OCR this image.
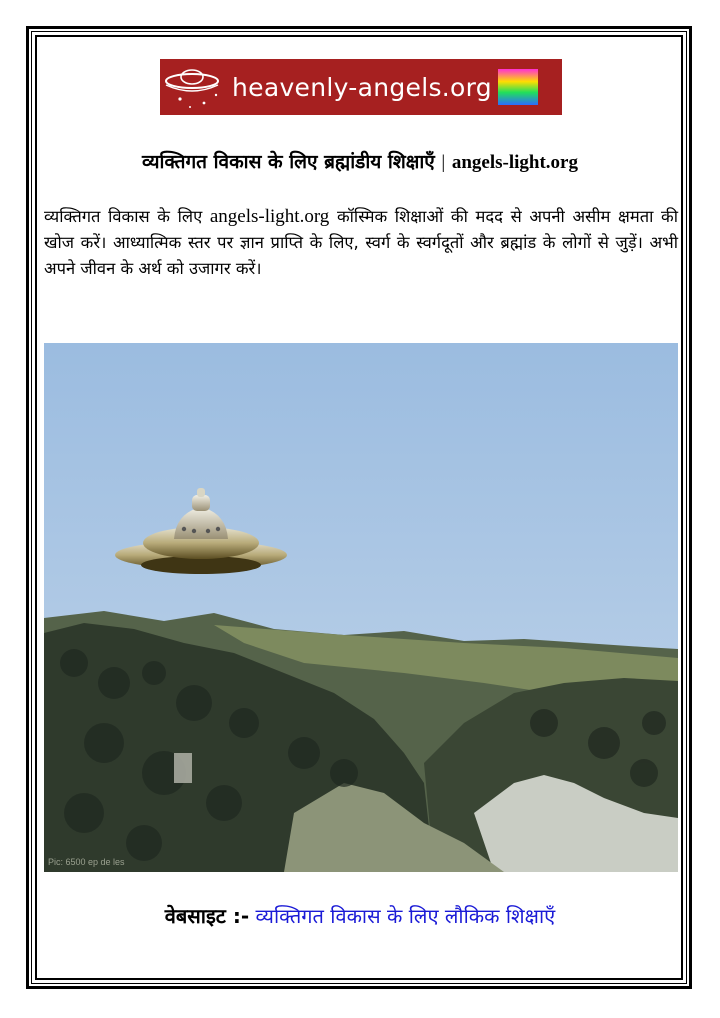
heavenly-angels.org
व्यक्तिगत विकास के लिए ब्रह्मांडीय शिक्षाएँ | angels-light.org
व्यक्तिगत विकास के लिए angels-light.org कॉस्मिक शिक्षाओं की मदद से अपनी असीम क्षमता की खोज करें। आध्यात्मिक स्तर पर ज्ञान प्राप्ति के लिए, स्वर्ग के स्वर्गदूतों और ब्रह्मांड के लोगों से जुड़ें। अभी अपने जीवन के अर्थ को उजागर करें।
Pic: 6500 ep de les
वेबसाइट :- व्यक्तिगत विकास के लिए लौकिक शिक्षाएँ
